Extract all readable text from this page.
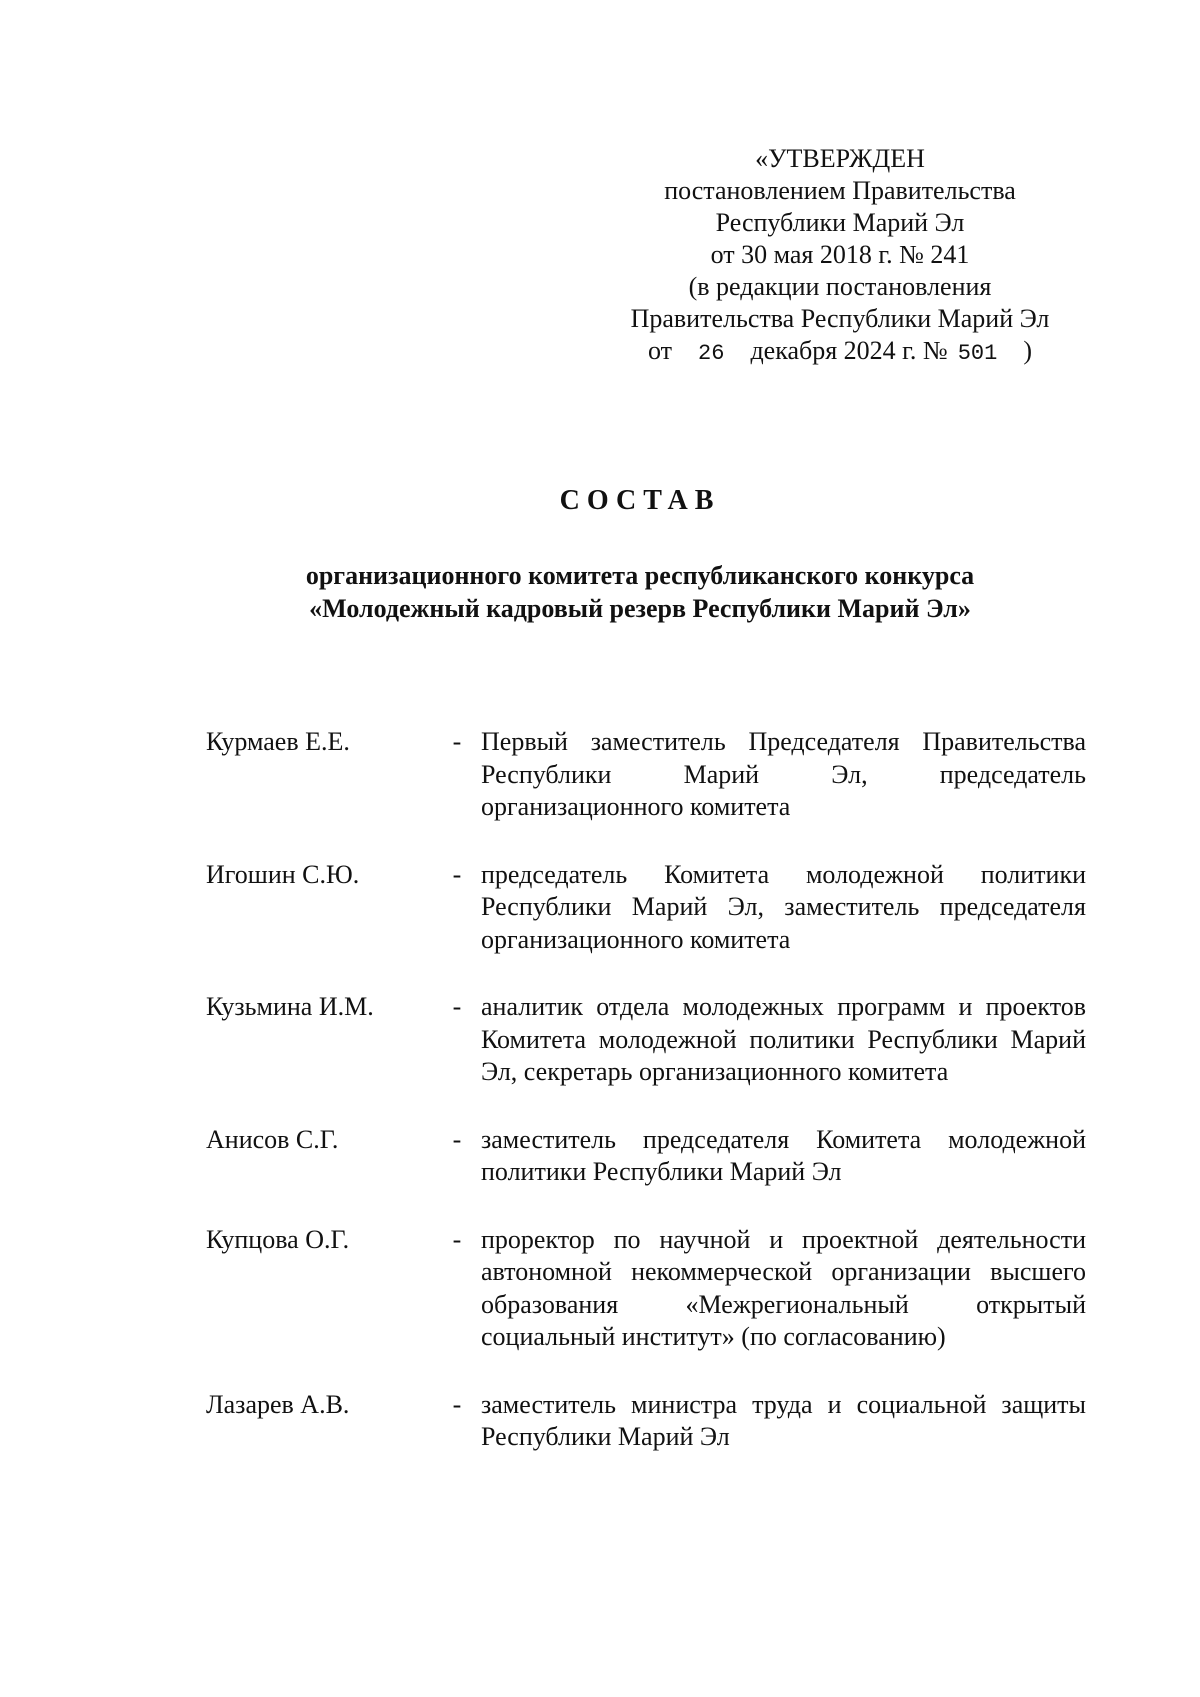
«УТВЕРЖДЕН
постановлением Правительства
Республики Марий Эл
от 30 мая 2018 г. № 241
(в редакции постановления
Правительства Республики Марий Эл
от 26 декабря 2024 г. № 501 )
СОСТАВ
организационного комитета республиканского конкурса
«Молодежный кадровый резерв Республики Марий Эл»
Курмаев Е.Е.	- Первый заместитель Председателя Правительства Республики Марий Эл, председатель организационного комитета
Игошин С.Ю.	- председатель Комитета молодежной политики Республики Марий Эл, заместитель председателя организационного комитета
Кузьмина И.М.	- аналитик отдела молодежных программ и проектов Комитета молодежной политики Республики Марий Эл, секретарь организационного комитета
Анисов С.Г.	- заместитель председателя Комитета молодежной политики Республики Марий Эл
Купцова О.Г.	- проректор по научной и проектной деятельности автономной некоммерческой организации высшего образования «Межрегиональный открытый социальный институт» (по согласованию)
Лазарев А.В.	- заместитель министра труда и социальной защиты Республики Марий Эл
